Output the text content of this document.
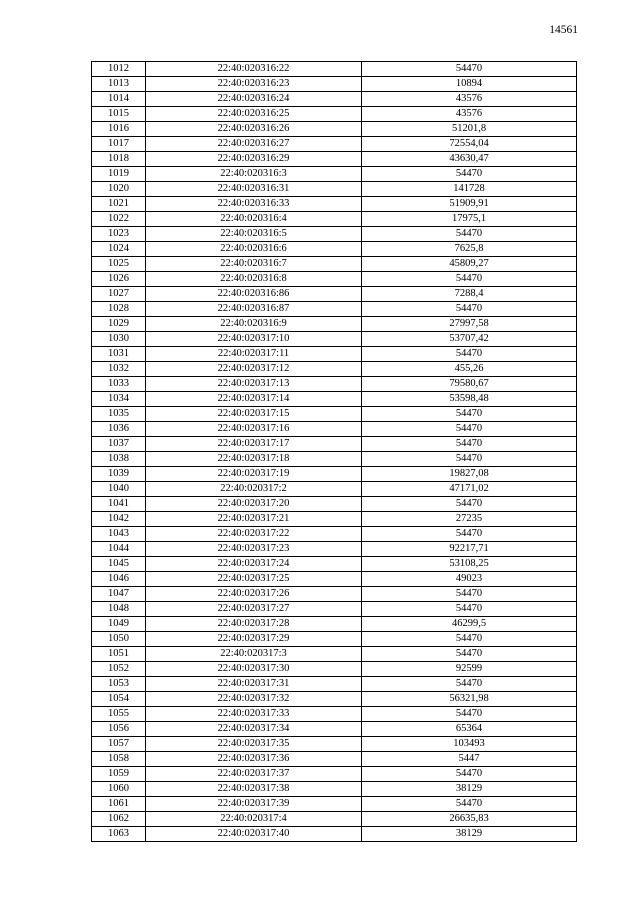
14561
1012	22:40:020316:22	54470
1013	22:40:020316:23	10894
1014	22:40:020316:24	43576
1015	22:40:020316:25	43576
1016	22:40:020316:26	51201,8
1017	22:40:020316:27	72554,04
1018	22:40:020316:29	43630,47
1019	22:40:020316:3	54470
1020	22:40:020316:31	141728
1021	22:40:020316:33	51909,91
1022	22:40:020316:4	17975,1
1023	22:40:020316:5	54470
1024	22:40:020316:6	7625,8
1025	22:40:020316:7	45809,27
1026	22:40:020316:8	54470
1027	22:40:020316:86	7288,4
1028	22:40:020316:87	54470
1029	22:40:020316:9	27997,58
1030	22:40:020317:10	53707,42
1031	22:40:020317:11	54470
1032	22:40:020317:12	455,26
1033	22:40:020317:13	79580,67
1034	22:40:020317:14	53598,48
1035	22:40:020317:15	54470
1036	22:40:020317:16	54470
1037	22:40:020317:17	54470
1038	22:40:020317:18	54470
1039	22:40:020317:19	19827,08
1040	22:40:020317:2	47171,02
1041	22:40:020317:20	54470
1042	22:40:020317:21	27235
1043	22:40:020317:22	54470
1044	22:40:020317:23	92217,71
1045	22:40:020317:24	53108,25
1046	22:40:020317:25	49023
1047	22:40:020317:26	54470
1048	22:40:020317:27	54470
1049	22:40:020317:28	46299,5
1050	22:40:020317:29	54470
1051	22:40:020317:3	54470
1052	22:40:020317:30	92599
1053	22:40:020317:31	54470
1054	22:40:020317:32	56321,98
1055	22:40:020317:33	54470
1056	22:40:020317:34	65364
1057	22:40:020317:35	103493
1058	22:40:020317:36	5447
1059	22:40:020317:37	54470
1060	22:40:020317:38	38129
1061	22:40:020317:39	54470
1062	22:40:020317:4	26635,83
1063	22:40:020317:40	38129
